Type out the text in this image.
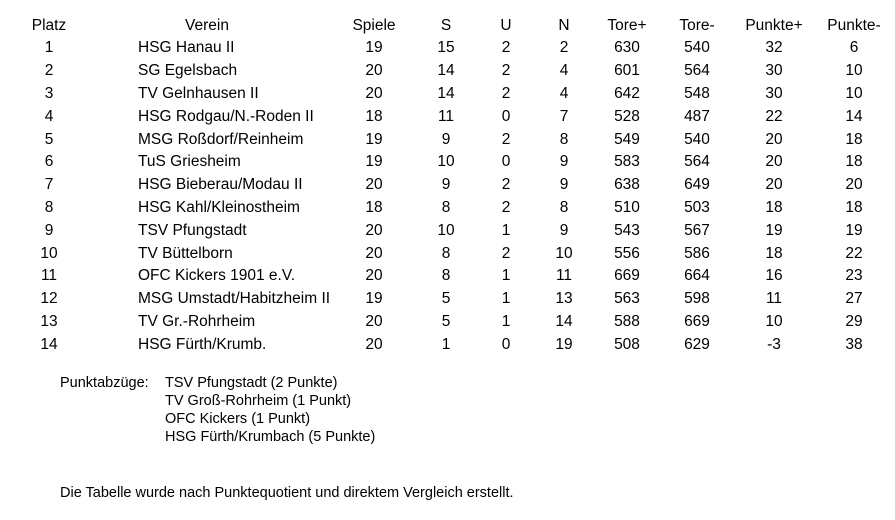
Platz	Verein	Spiele	S	U	N	Tore+	Tore-	Punkte+	Punkte-
1	HSG Hanau II	19	15	2	2	630	540	32	6
2	SG Egelsbach	20	14	2	4	601	564	30	10
3	TV Gelnhausen II	20	14	2	4	642	548	30	10
4	HSG Rodgau/N.-Roden II	18	11	0	7	528	487	22	14
5	MSG Roßdorf/Reinheim	19	9	2	8	549	540	20	18
6	TuS Griesheim	19	10	0	9	583	564	20	18
7	HSG Bieberau/Modau II	20	9	2	9	638	649	20	20
8	HSG Kahl/Kleinostheim	18	8	2	8	510	503	18	18
9	TSV Pfungstadt	20	10	1	9	543	567	19	19
10	TV Büttelborn	20	8	2	10	556	586	18	22
11	OFC Kickers 1901 e.V.	20	8	1	11	669	664	16	23
12	MSG Umstadt/Habitzheim II	19	5	1	13	563	598	11	27
13	TV Gr.-Rohrheim	20	5	1	14	588	669	10	29
14	HSG Fürth/Krumb.	20	1	0	19	508	629	-3	38
Punktabzüge:	TSV Pfungstadt (2 Punkte)
TV Groß-Rohrheim (1 Punkt)
OFC Kickers (1 Punkt)
HSG Fürth/Krumbach (5 Punkte)
Die Tabelle wurde nach Punktequotient und direktem Vergleich erstellt.
